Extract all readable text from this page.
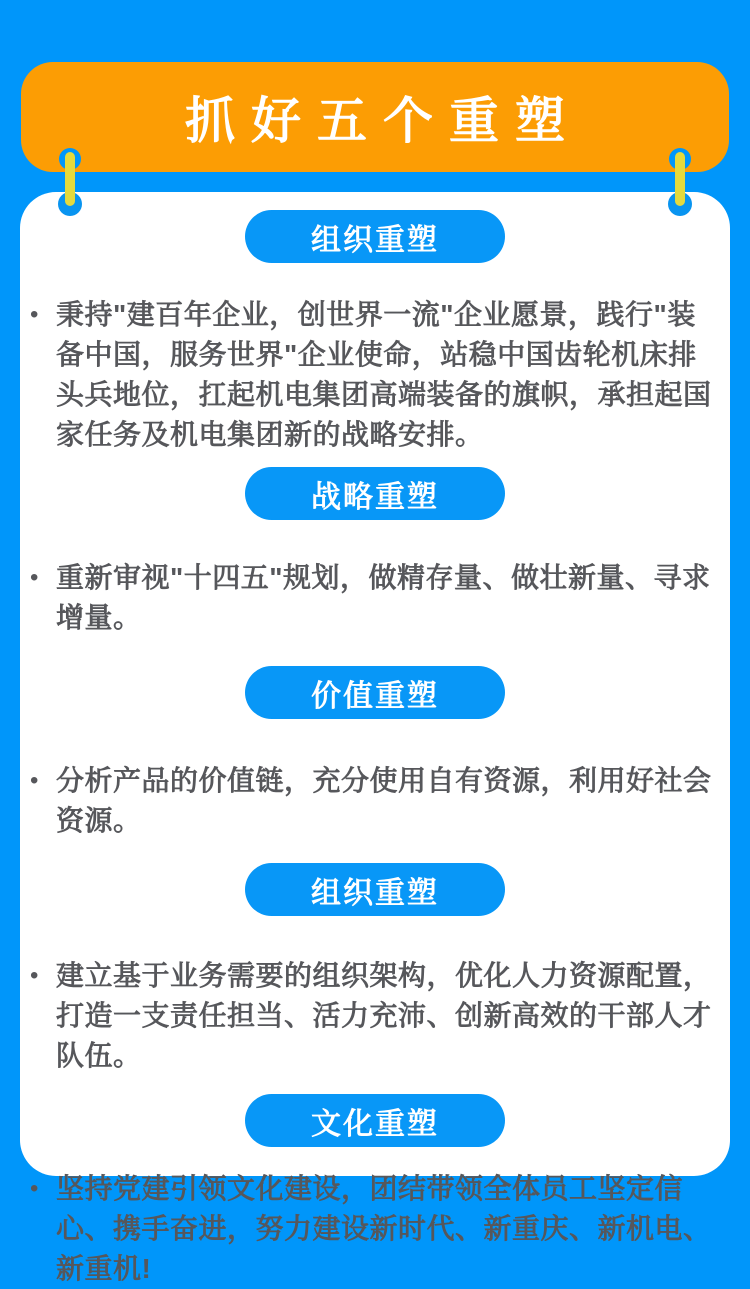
抓好五个重塑
组织重塑
• 秉持"建百年企业，创世界一流"企业愿景，践行"装备中国，服务世界"企业使命，站稳中国齿轮机床排头兵地位，扛起机电集团高端装备的旗帜，承担起国家任务及机电集团新的战略安排。

战略重塑
• 重新审视"十四五"规划，做精存量、做壮新量、寻求增量。

价值重塑
• 分析产品的价值链，充分使用自有资源，利用好社会资源。

组织重塑
• 建立基于业务需要的组织架构，优化人力资源配置，打造一支责任担当、活力充沛、创新高效的干部人才队伍。

文化重塑
• 坚持党建引领文化建设，团结带领全体员工坚定信心、携手奋进，努力建设新时代、新重庆、新机电、新重机!
